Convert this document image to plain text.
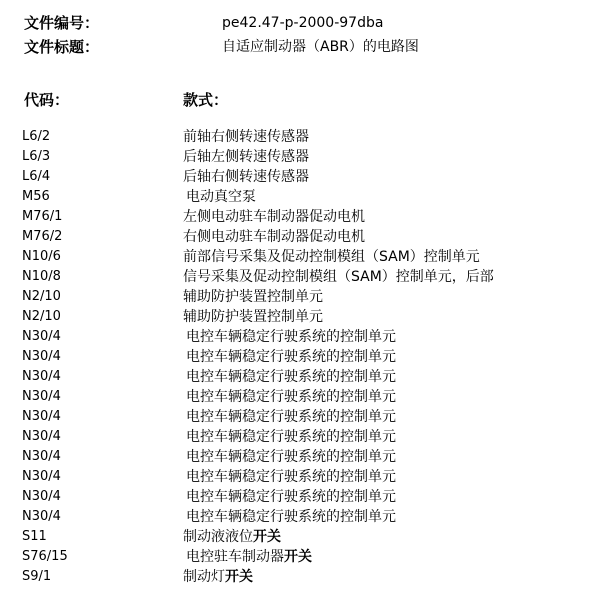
文件编号：	pe42.47-p-2000-97dba
文件标题：	自适应制动器（ABR）的电路图
代码：	款式：
L6/2	前轴右侧转速传感器
L6/3	后轴左侧转速传感器
L6/4	后轴右侧转速传感器
M56	电动真空泵
M76/1	左侧电动驻车制动器促动电机
M76/2	右侧电动驻车制动器促动电机
N10/6	前部信号采集及促动控制模组（SAM）控制单元
N10/8	信号采集及促动控制模组（SAM）控制单元，后部
N2/10	辅助防护装置控制单元
N2/10	辅助防护装置控制单元
N30/4	电控车辆稳定行驶系统的控制单元
N30/4	电控车辆稳定行驶系统的控制单元
N30/4	电控车辆稳定行驶系统的控制单元
N30/4	电控车辆稳定行驶系统的控制单元
N30/4	电控车辆稳定行驶系统的控制单元
N30/4	电控车辆稳定行驶系统的控制单元
N30/4	电控车辆稳定行驶系统的控制单元
N30/4	电控车辆稳定行驶系统的控制单元
N30/4	电控车辆稳定行驶系统的控制单元
N30/4	电控车辆稳定行驶系统的控制单元
S11	制动液液位开关
S76/15	电控驻车制动器开关
S9/1	制动灯开关
